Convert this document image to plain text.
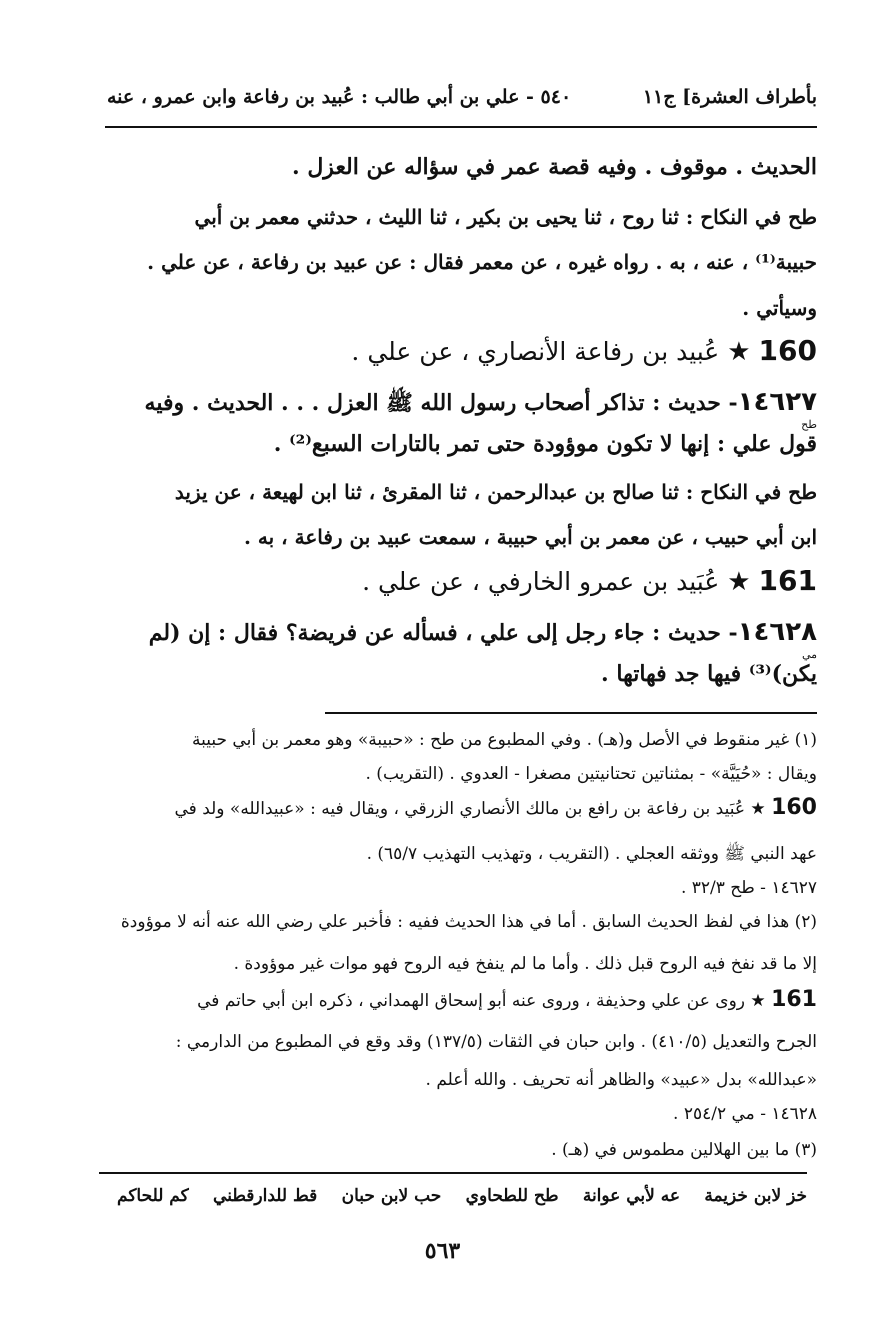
بأطراف العشرة] ج١١
٥٤٠ - علي بن أبي طالب : عُبيد بن رفاعة وابن عمرو ، عنه
الحديث . موقوف . وفيه قصة عمر في سؤاله عن العزل .
طح في النكاح : ثنا روح ، ثنا يحيى بن بكير ، ثنا الليث ، حدثني معمر بن أبي
حبيبة⁽¹⁾ ، عنه ، به . رواه غيره ، عن معمر فقال : عن عبيد بن رفاعة ، عن علي .
وسيأتي .
160★عُبيد بن رفاعة الأنصاري ، عن علي .
١٤٦٢٧- حديث : تذاكر أصحاب رسول الله ﷺ العزل . . . الحديث . وفيه
طح
قول علي : إنها لا تكون موؤودة حتى تمر بالتارات السبع⁽²⁾ .
طح في النكاح : ثنا صالح بن عبدالرحمن ، ثنا المقرئ ، ثنا ابن لهيعة ، عن يزيد
ابن أبي حبيب ، عن معمر بن أبي حبيبة ، سمعت عبيد بن رفاعة ، به .
161★عُبَيد بن عمرو الخارفي ، عن علي .
١٤٦٢٨- حديث : جاء رجل إلى علي ، فسأله عن فريضة؟ فقال : إن (لم
مي
يكن)⁽³⁾ فيها جد فهاتها .
(١) غير منقوط في الأصل و(هـ) . وفي المطبوع من طح : «حبيبة» وهو معمر بن أبي حبيبة
ويقال : «حُيَيَّة» - بمثناتين تحتانيتين مصغرا - العدوي . (التقريب) .
160 ★ عُبَيد بن رفاعة بن رافع بن مالك الأنصاري الزرقي ، ويقال فيه : «عبيدالله» ولد في
عهد النبي ﷺ ووثقه العجلي . (التقريب ، وتهذيب التهذيب ٦٥/٧) .
١٤٦٢٧ - طح ٣٢/٣ .
(٢) هذا في لفظ الحديث السابق . أما في هذا الحديث ففيه : فأخبر علي رضي الله عنه أنه لا موؤودة
إلا ما قد نفخ فيه الروح قبل ذلك . وأما ما لم ينفخ فيه الروح فهو موات غير موؤودة .
161 ★ روى عن علي وحذيفة ، وروى عنه أبو إسحاق الهمداني ، ذكره ابن أبي حاتم في
الجرح والتعديل (٤١٠/٥) . وابن حبان في الثقات (١٣٧/٥) وقد وقع في المطبوع من الدارمي :
«عبدالله» بدل «عبيد» والظاهر أنه تحريف . والله أعلم .
١٤٦٢٨ - مي ٢٥٤/٢ .
(٣) ما بين الهلالين مطموس في (هـ) .
خز لابن خزيمة
عه لأبي عوانة
طح للطحاوي
حب لابن حبان
قط للدارقطني
كم للحاكم
٥٦٣
